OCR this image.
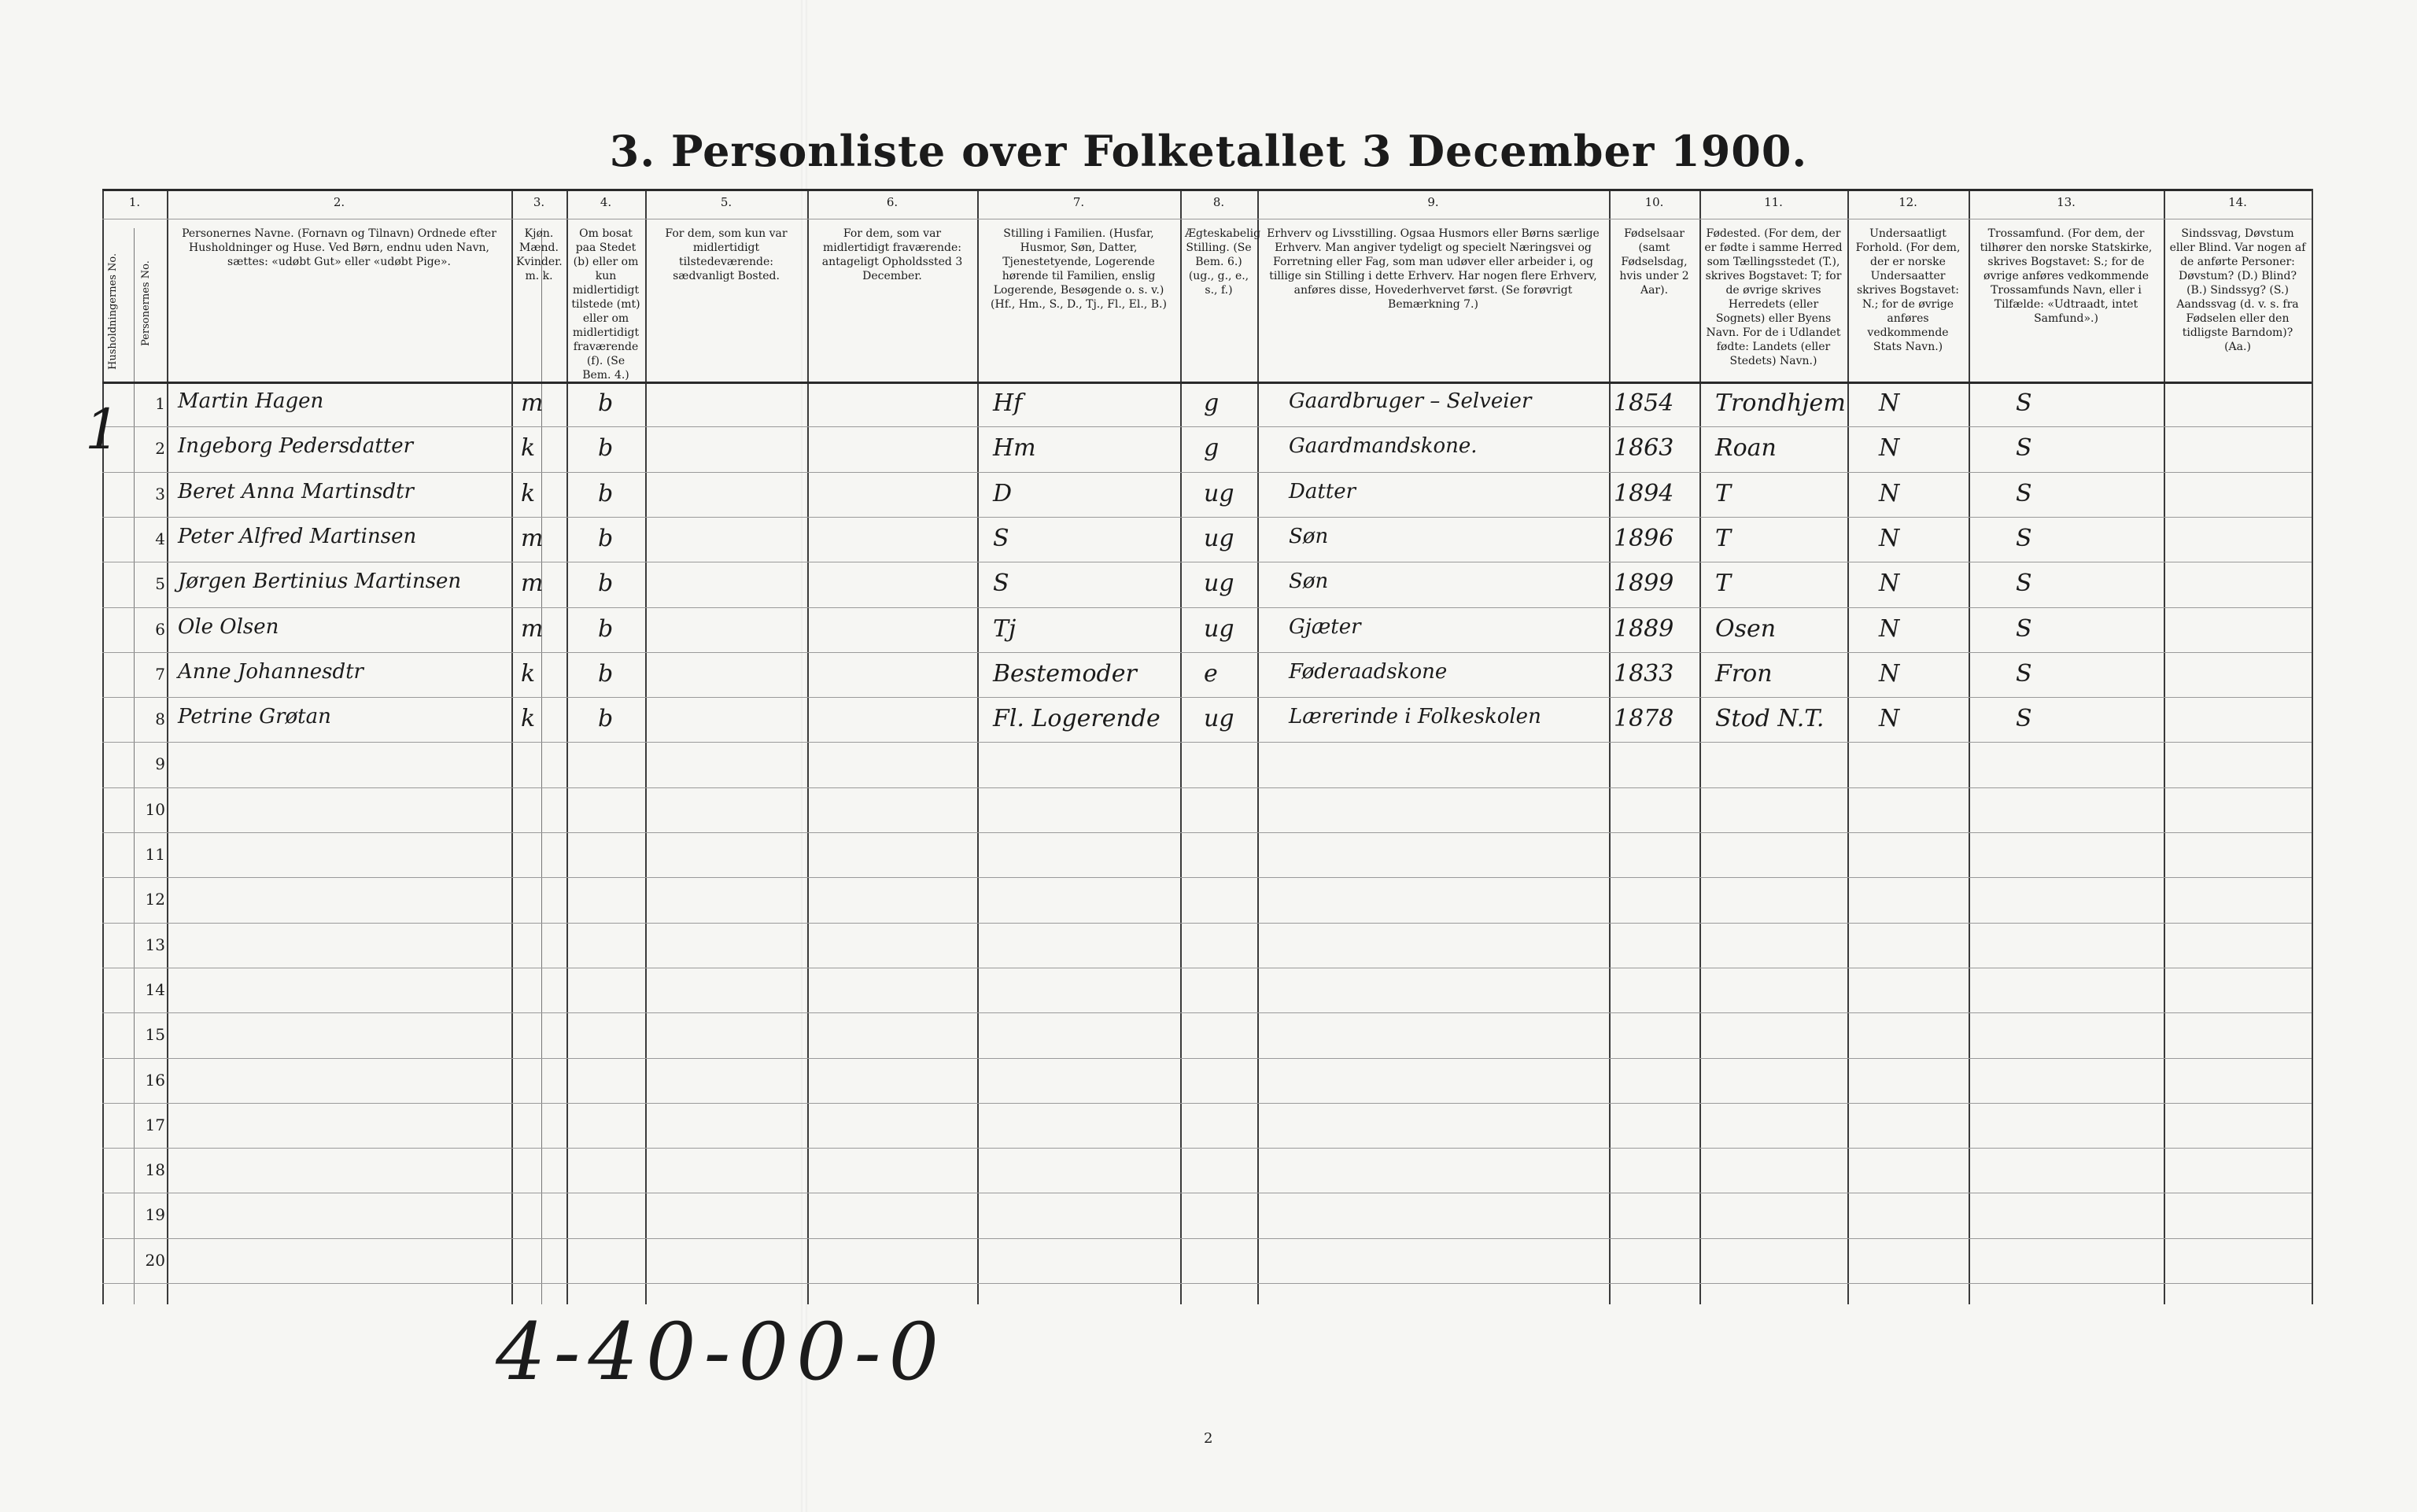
3. Personliste over Folketallet 3 December 1900.
1.	2.
Personernes Navne. (Fornavn og Tilnavn) Ordnede efter Husholdninger og Huse. Ved Børn, endnu uden Navn, sættes: «udøbt Gut» eller «udøbt Pige».
3.
Kjøn. Mænd. Kvinder. m. k.
4.
Om bosat paa Stedet (b) eller om kun midlertidigt tilstede (mt) eller om midlertidigt fraværende (f). (Se Bem. 4.)
5.
For dem, som kun var midlertidigt tilstedeværende: sædvanligt Bosted.
6.
For dem, som var midlertidigt fraværende: antageligt Opholdssted 3 December.
7.
Stilling i Familien. (Husfar, Husmor, Søn, Datter, Tjenestetyende, Logerende hørende til Familien, enslig Logerende, Besøgende o. s. v.) (Hf., Hm., S., D., Tj., Fl., El., B.)
8.
Ægteskabelig Stilling. (Se Bem. 6.) (ug., g., e., s., f.)
9.
Erhverv og Livsstilling. Ogsaa Husmors eller Børns særlige Erhverv. Man angiver tydeligt og specielt Næringsvei og Forretning eller Fag, som man udøver eller arbeider i, og tillige sin Stilling i dette Erhverv. Har nogen flere Erhverv, anføres disse, Hovederhvervet først. (Se forøvrigt Bemærkning 7.)
10.
Fødselsaar (samt Fødselsdag, hvis under 2 Aar).
11.
Fødested. (For dem, der er fødte i samme Herred som Tællingsstedet (T.), skrives Bogstavet: T; for de øvrige skrives Herredets (eller Sognets) eller Byens Navn. For de i Udlandet fødte: Landets (eller Stedets) Navn.)
12.
Undersaatligt Forhold. (For dem, der er norske Undersaatter skrives Bogstavet: N.; for de øvrige anføres vedkommende Stats Navn.)
13.
Trossamfund. (For dem, der tilhører den norske Statskirke, skrives Bogstavet: S.; for de øvrige anføres vedkommende Trossamfunds Navn, eller i Tilfælde: «Udtraadt, intet Samfund».)
14.
Sindssvag, Døvstum eller Blind. Var nogen af de anførte Personer: Døvstum? (D.) Blind? (B.) Sindssyg? (S.) Aandssvag (d. v. s. fra Fødselen eller den tidligste Barndom)? (Aa.)
Husholdningernes No. Personernes No.
1 Martin Hagen	m b	Hf	g	Gaardbruger – Selveier	1854 Trondhjem N	S
2 Ingeborg Pedersdatter	k	b	Hm	g	Gaardmandskone.	1863 Roan	N	S
3 Beret Anna Martinsdtr	k	b	D	ug	Datter	1894 T	N	S
4 Peter Alfred Martinsen	m b	S	ug	Søn	1896 T	N	S
5 Jørgen Bertinius Martinsen	m b	S	ug	Søn	1899 T	N	S
6 Ole Olsen	m b	Tj	ug	Gjæter	1889 Osen	N	S
7 Anne Johannesdtr	k	b	Bestemoder	e	Føderaadskone	1833 Fron	N	S
8 Petrine Grøtan	k	b	Fl. Logerende ug	Lærerinde i Folkeskolen	1878 Stod N.T. N	S
9
10
11
12
13
14
15
16
17
18
19
20
1
2
4-40-00-0
